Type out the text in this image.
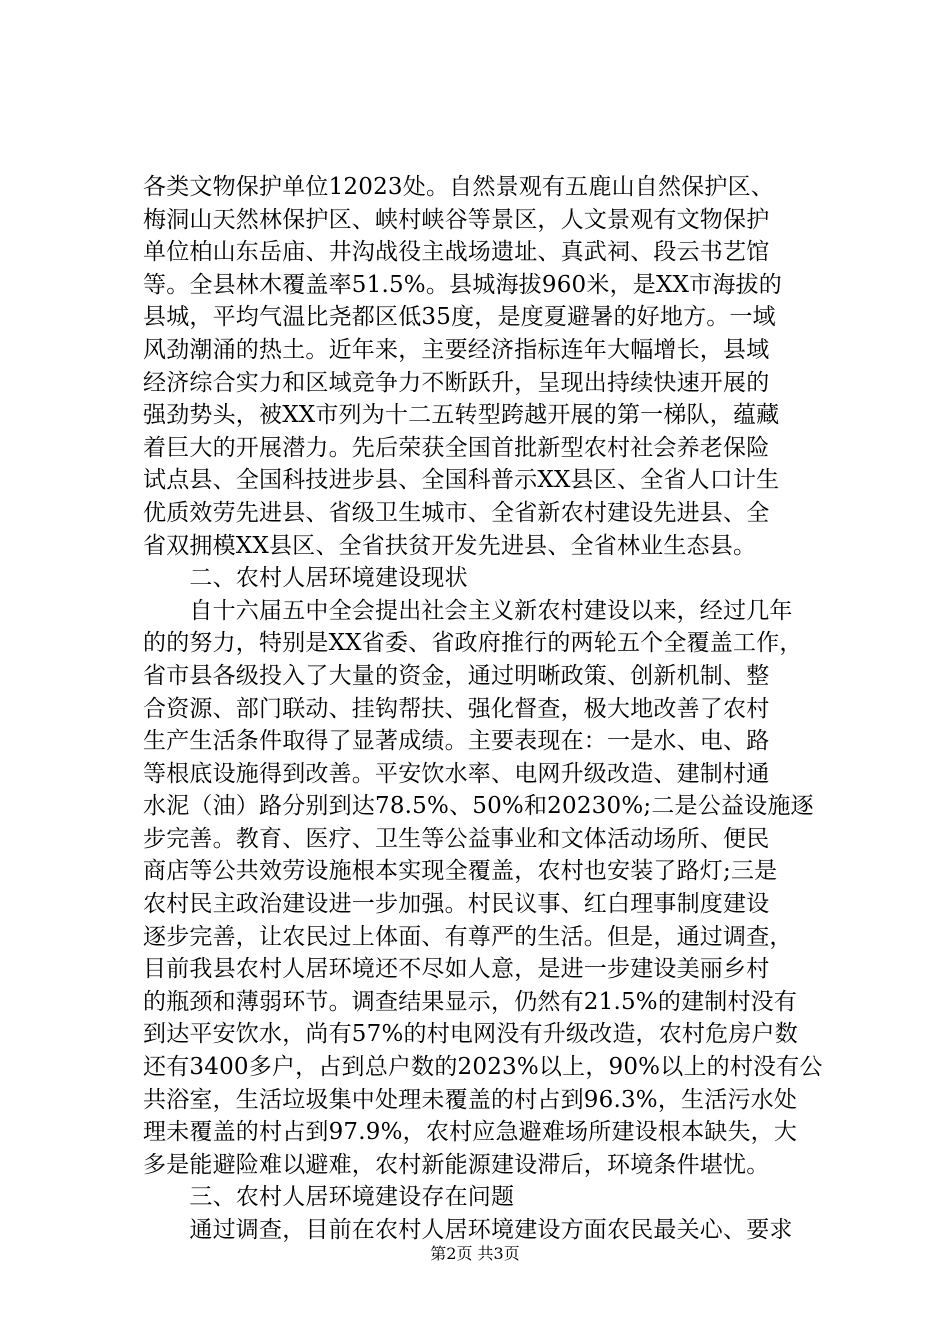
各类文物保护单位12023处。自然景观有五鹿山自然保护区、
梅洞山天然林保护区、峡村峡谷等景区，人文景观有文物保护
单位柏山东岳庙、井沟战役主战场遗址、真武祠、段云书艺馆
等。全县林木覆盖率51.5%。县城海拔960米，是XX市海拔的
县城，平均气温比尧都区低35度，是度夏避暑的好地方。一域
风劲潮涌的热土。近年来，主要经济指标连年大幅增长，县域
经济综合实力和区域竞争力不断跃升，呈现出持续快速开展的
强劲势头，被XX市列为十二五转型跨越开展的第一梯队，蕴藏
着巨大的开展潜力。先后荣获全国首批新型农村社会养老保险
试点县、全国科技进步县、全国科普示XX县区、全省人口计生
优质效劳先进县、省级卫生城市、全省新农村建设先进县、全
省双拥模XX县区、全省扶贫开发先进县、全省林业生态县。
　　二、农村人居环境建设现状
　　自十六届五中全会提出社会主义新农村建设以来，经过几年
的的努力，特别是XX省委、省政府推行的两轮五个全覆盖工作，
省市县各级投入了大量的资金，通过明晰政策、创新机制、整
合资源、部门联动、挂钩帮扶、强化督查，极大地改善了农村
生产生活条件取得了显著成绩。主要表现在：一是水、电、路
等根底设施得到改善。平安饮水率、电网升级改造、建制村通
水泥（油）路分别到达78.5%、50%和20230%;二是公益设施逐
步完善。教育、医疗、卫生等公益事业和文体活动场所、便民
商店等公共效劳设施根本实现全覆盖，农村也安装了路灯;三是
农村民主政治建设进一步加强。村民议事、红白理事制度建设
逐步完善，让农民过上体面、有尊严的生活。但是，通过调查，
目前我县农村人居环境还不尽如人意，是进一步建设美丽乡村
的瓶颈和薄弱环节。调查结果显示，仍然有21.5%的建制村没有
到达平安饮水，尚有57%的村电网没有升级改造，农村危房户数
还有3400多户，占到总户数的2023%以上，90%以上的村没有公
共浴室，生活垃圾集中处理未覆盖的村占到96.3%，生活污水处
理未覆盖的村占到97.9%，农村应急避难场所建设根本缺失，大
多是能避险难以避难，农村新能源建设滞后，环境条件堪忧。
　　三、农村人居环境建设存在问题
　　通过调查，目前在农村人居环境建设方面农民最关心、要求
第2页 共3页
